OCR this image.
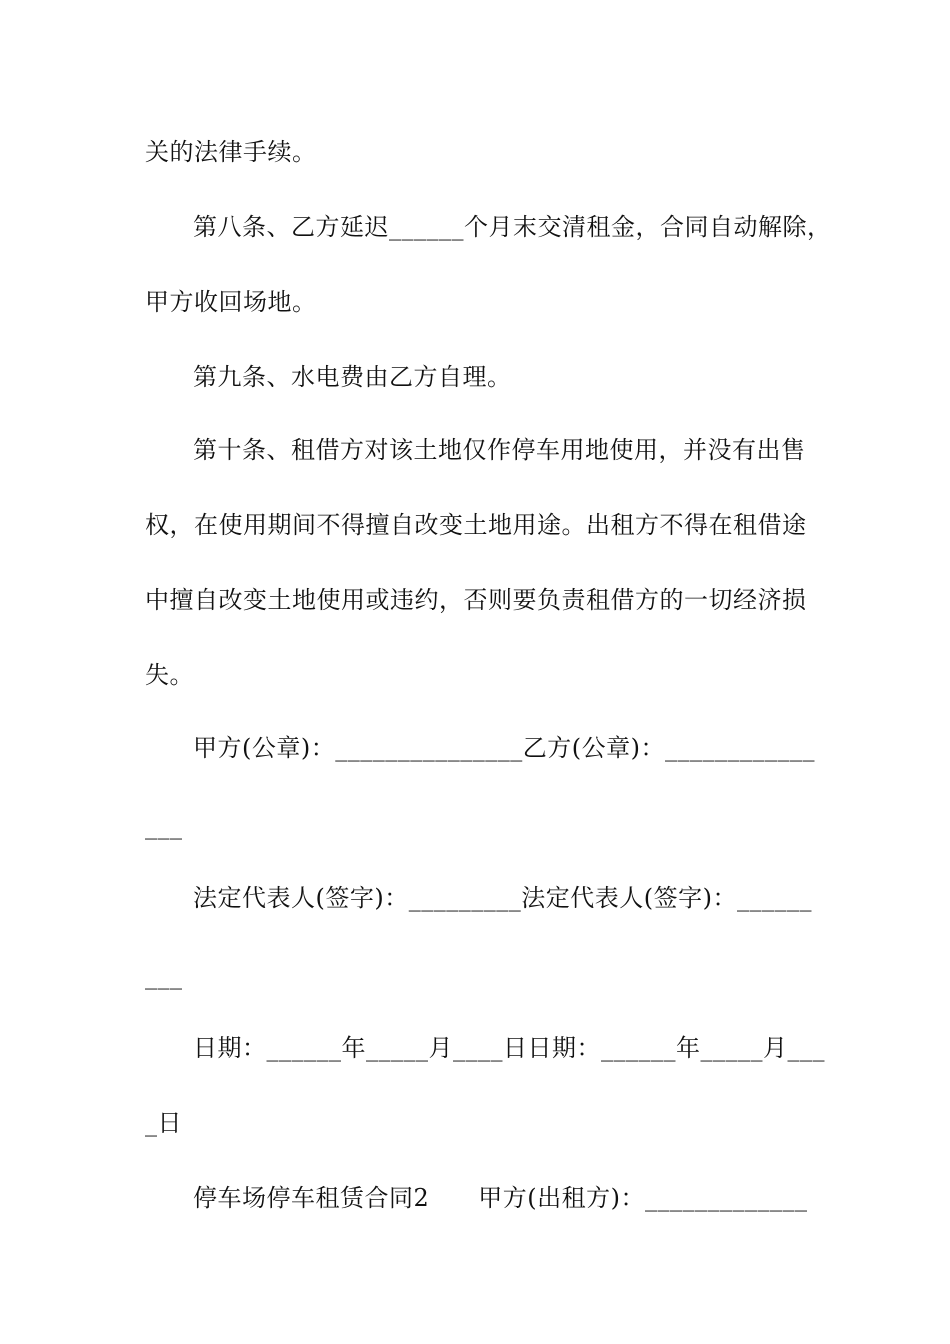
关的法律手续。
第八条、乙方延迟______个月末交清租金，合同自动解除，
甲方收回场地。
第九条、水电费由乙方自理。
第十条、租借方对该土地仅作停车用地使用，并没有出售
权，在使用期间不得擅自改变土地用途。出租方不得在租借途
中擅自改变土地使用或违约，否则要负责租借方的一切经济损
失。
甲方(公章)：_______________乙方(公章)：____________
___
法定代表人(签字)：_________法定代表人(签字)：______
___
日期：______年_____月____日日期：______年_____月___
_日
停车场停车租赁合同2　　甲方(出租方)：_____________
